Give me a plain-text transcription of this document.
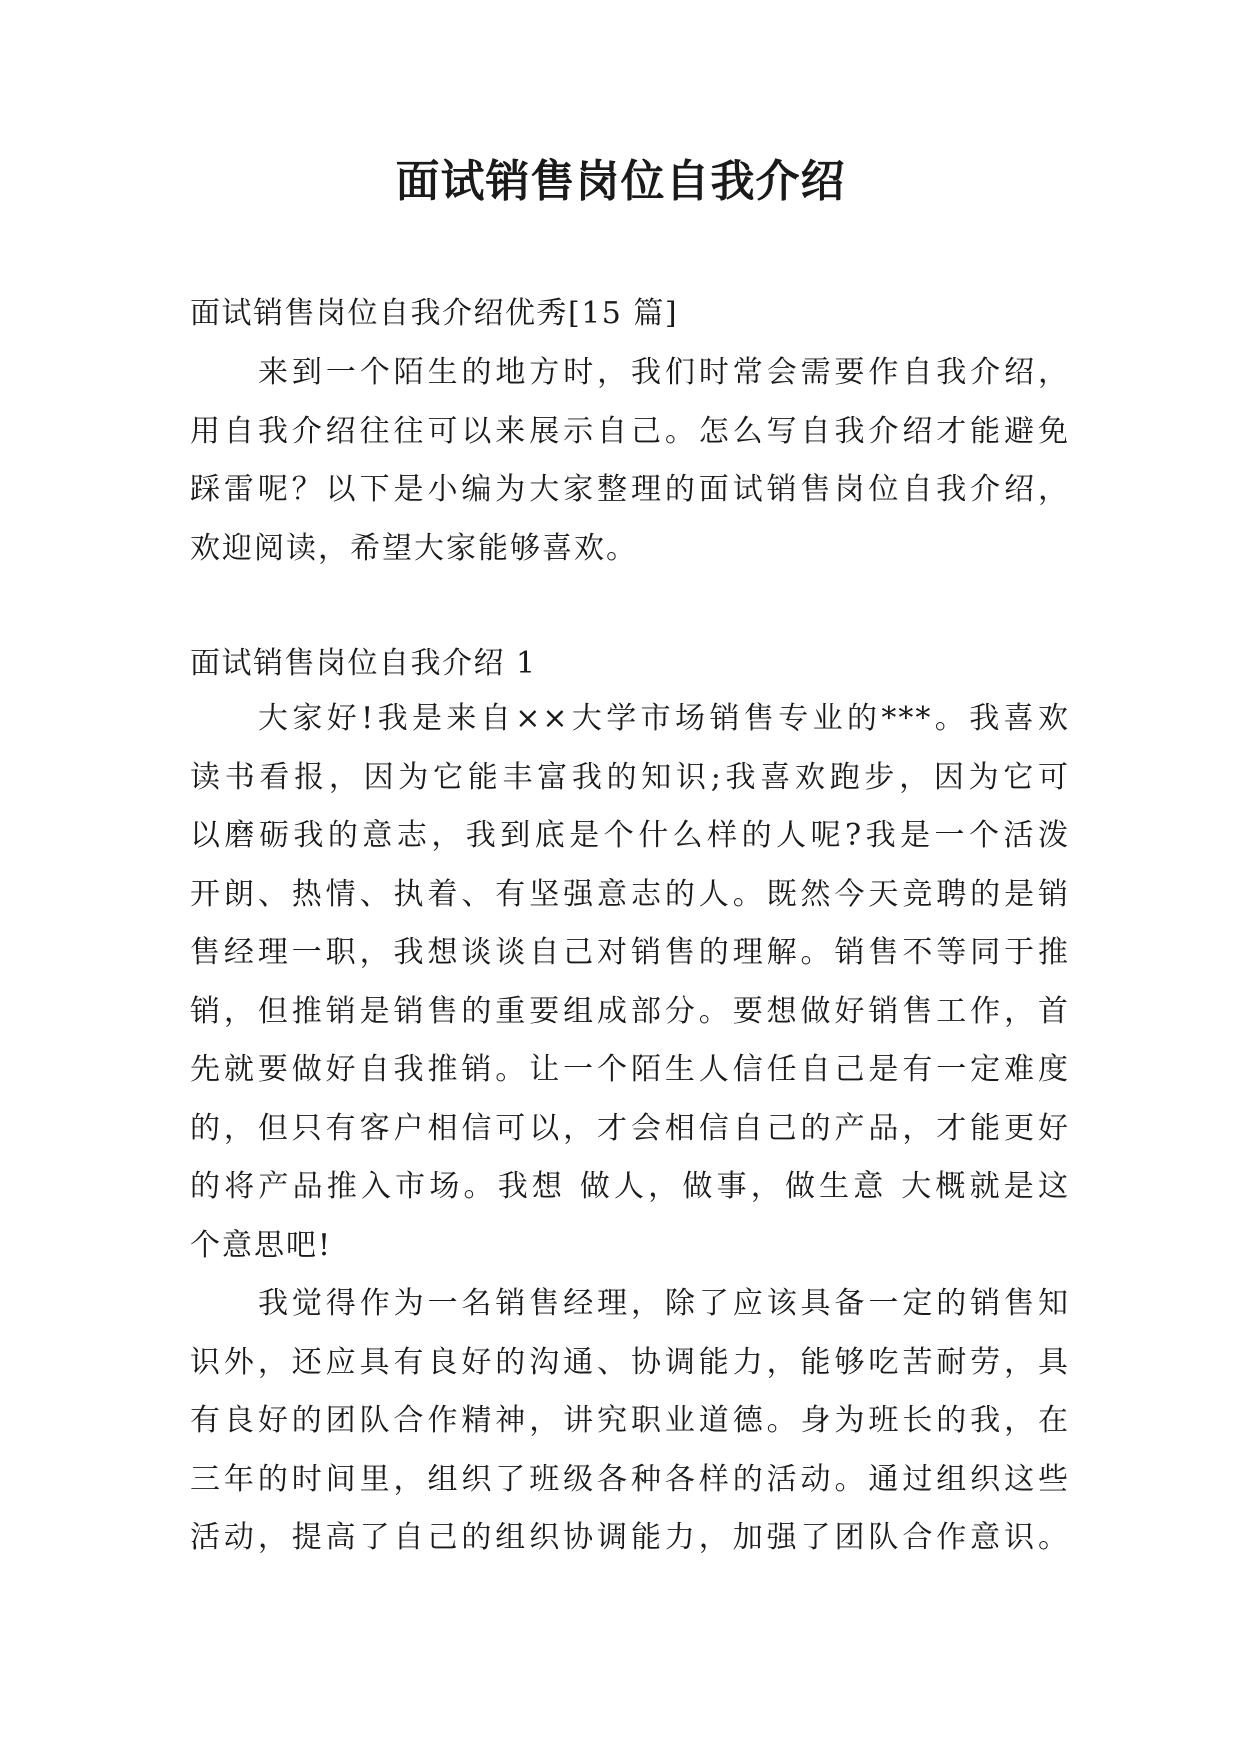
面试销售岗位自我介绍

面试销售岗位自我介绍优秀[15 篇]

来到一个陌生的地方时，我们时常会需要作自我介绍，
用自我介绍往往可以来展示自己。怎么写自我介绍才能避免
踩雷呢？以下是小编为大家整理的面试销售岗位自我介绍，
欢迎阅读，希望大家能够喜欢。

面试销售岗位自我介绍 1

大家好!我是来自××大学市场销售专业的***。我喜欢
读书看报，因为它能丰富我的知识;我喜欢跑步，因为它可
以磨砺我的意志，我到底是个什么样的人呢?我是一个活泼
开朗、热情、执着、有坚强意志的人。既然今天竞聘的是销
售经理一职，我想谈谈自己对销售的理解。销售不等同于推
销，但推销是销售的重要组成部分。要想做好销售工作，首
先就要做好自我推销。让一个陌生人信任自己是有一定难度
的，但只有客户相信可以，才会相信自己的产品，才能更好
的将产品推入市场。我想 做人，做事，做生意 大概就是这
个意思吧!

我觉得作为一名销售经理，除了应该具备一定的销售知
识外，还应具有良好的沟通、协调能力，能够吃苦耐劳，具
有良好的团队合作精神，讲究职业道德。身为班长的我，在
三年的时间里，组织了班级各种各样的活动。通过组织这些
活动，提高了自己的组织协调能力，加强了团队合作意识。
